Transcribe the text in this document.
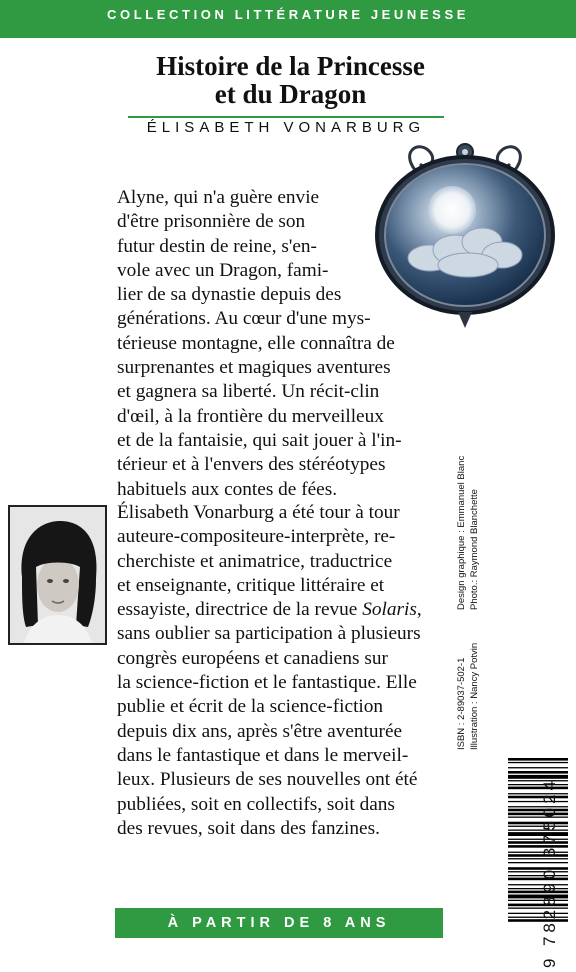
COLLECTION LITTÉRATURE JEUNESSE
Histoire de la Princesse
et du Dragon
ÉLISABETH VONARBURG

Alyne, qui n'a guère envie

d'être prisonnière de son

futur destin de reine, s'en-

vole avec un Dragon, fami-

lier de sa dynastie depuis des

générations. Au cœur d'une mys-

térieuse montagne, elle connaîtra de

surprenantes et magiques aventures

et gagnera sa liberté. Un récit-clin

d'œil, à la frontière du merveilleux

et de la fantaisie, qui sait jouer à l'in-

térieur et à l'envers des stéréotypes

habituels aux contes de fées.

Élisabeth Vonarburg a été tour à tour

auteure-compositeure-interprète, re-

cherchiste et animatrice, traductrice

et enseignante, critique littéraire et

essayiste, directrice de la revue Solaris,

sans oublier sa participation à plusieurs

congrès européens et canadiens sur

la science-fiction et le fantastique. Elle

publie et écrit de la science-fiction

depuis dix ans, après s'être aventurée

dans le fantastique et dans le merveil-

leux. Plusieurs de ses nouvelles ont été

publiées, soit en collectifs, soit dans

des revues, soit dans des fanzines.

ISBN : 2-89037-502-1
Design graphique : Emmanuel Blanc
Illustration : Nancy Potvin
Photo.: Raymond Blanchette
9 782890 375024
À PARTIR DE 8 ANS
